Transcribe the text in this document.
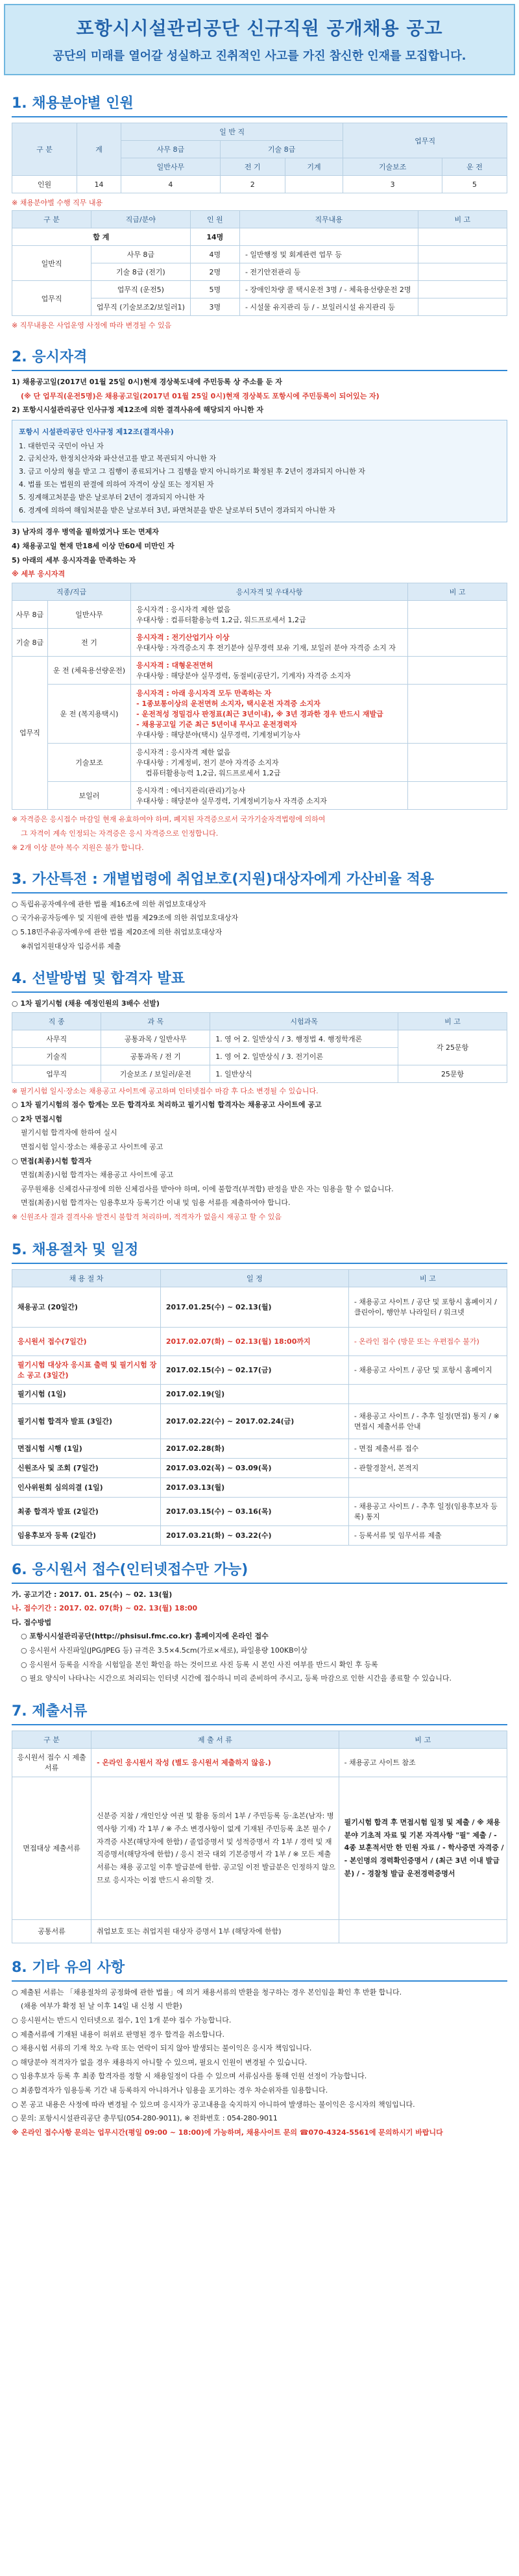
포항시시설관리공단 신규직원 공개채용 공고

공단의 미래를 열어갈 성실하고 진취적인 사고를 가진 참신한 인재를 모집합니다.

1. 채용분야별 인원
구 분	계	일 반 직			업무직	
		사무 8급	기술 8급			
		일반사무	전 기	기계	기술보조	운 전
인원	14	4	2		3	5
※ 채용분야별 수행 직무 내용
구 분	직급/분야	인 원	직무내용	비 고
합 계		14명		
일반직	사무 8급	4명	- 일반행정 및 회계관련 업무 등	
	기술 8급 (전기)	2명	- 전기안전관리 등	
업무직	업무직 (운전5)	5명	- 장애인차량 콜 택시운전 3명 / - 체육용선량운전 2명	
	업무직 (기술보조2/보일러1)	3명	- 시설물 유지관리 등 / - 보일러시설 유지관리 등	
※ 직무내용은 사업운영 사정에 따라 변경될 수 있음
2. 응시자격
1) 채용공고일(2017년 01월 25일 0시)현재 경상북도내에 주민등록 상 주소를 둔 자
(※ 단 업무직(운전5명)은 채용공고일(2017년 01월 25일 0시)현재 경상북도 포항시에 주민등록이 되어있는 자)
2) 포항시시설관리공단 인사규정 제12조에 의한 결격사유에 해당되지 아니한 자
포항시 시설관리공단 인사규정 제12조(결격사유)
1. 대한민국 국민이 아닌 자
2. 금치산자, 한정치산자와 파산선고를 받고 복권되지 아니한 자
3. 금고 이상의 형을 받고 그 집행이 종료되거나 그 집행을 받지 아니하기로 확정된 후 2년이 경과되지 아니한 자
4. 법률 또는 법원의 판결에 의하여 자격이 상실 또는 정지된 자
5. 징계해고처분을 받은 날로부터 2년이 경과되지 아니한 자
6. 경계에 의하여 해임처분을 받은 날로부터 3년, 파면처분을 받은 날로부터 5년이 경과되지 아니한 자
3) 남자의 경우 병역을 필하였거나 또는 면제자
4) 채용공고일 현재 만18세 이상 만60세 미만인 자
5) 아래의 세부 응시자격을 만족하는 자
※ 세부 응시자격
직종/직급		응시자격 및 우대사항	비 고
사무 8급	일반사무	응시자격 : 응시자격 제한 없음
우대사항 : 컴퓨터활용능력 1,2급, 워드프로세서 1,2급	

기술 8급	전 기	응시자격 : 전기산업기사 이상
우대사항 : 자격증소지 후 전기분야 실무경력 보유 기재, 보일러 분야 자격증 소지 자	

업무직	운 전 (체육용선량운전)	응시자격 : 대형운전면허
우대사항 : 해당분야 실무경력, 동절비(공단기, 기계자) 자격증 소지자	

	운 전 (복지용택시)	응시자격 : 아래 응시자격 모두 만족하는 자
- 1종보통이상의 운전면허 소지자, 택시운전 자격증 소지자
- 운전적성 정밀검사 판정표(최근 3년이내), ※ 3년 경과한 경우 반드시 재발급
- 채용공고일 기준 최근 5년이내 무사고 운전경력자
우대사항 : 해당분야(택시) 실무경력, 기계정비기능사	

	기술보조	응시자격 : 응시자격 제한 없음
우대사항 : 기계정비, 전기 분야 자격증 소지자
컴퓨터활용능력 1,2급, 워드프로세서 1,2급	

	보일러	응시자격 : 에너지관리(관리)기능사
우대사항 : 해당분야 실무경력, 기계정비기능사 자격증 소지자	

※ 자격증은 응시접수 마감일 현재 유효하여야 하며, 폐지된 자격증으로서 국가기술자격법령에 의하여
그 자격이 계속 인정되는 자격증은 응시 자격증으로 인정합니다.
※ 2개 이상 분야 복수 지원은 불가 합니다.
3. 가산특전 : 개별법령에 취업보호(지원)대상자에게 가산비율 적용
○ 독립유공자예우에 관한 법률 제16조에 의한 취업보호대상자
○ 국가유공자등예우 및 지원에 관한 법률 제29조에 의한 취업보호대상자
○ 5.18민주유공자예우에 관한 법률 제20조에 의한 취업보호대상자
※취업지원대상자 입증서류 제출
4. 선발방법 및 합격자 발표
○ 1차 필기시험 (채용 예정인원의 3배수 선발)
직 종	과 목	시험과목	비 고
사무직	공통과목 / 일반사무	1. 영 어 2. 일반상식 / 3. 행정법 4. 행정학개론	각 25문항
기술직	공통과목 / 전 기	1. 영 어 2. 일반상식 / 3. 전기이론	
업무직	기술보조 / 보일러/운전	1. 일반상식	25문항
※ 필기시험 일시·장소는 채용공고 사이트에 공고하며 인터넷접수 마감 후 다소 변경될 수 있습니다.
○ 1차 필기시험의 점수 합계는 모든 합격자로 처리하고 필기시험 합격자는 채용공고 사이트에 공고
○ 2차 면접시험
필기시험 합격자에 한하여 실시
면접시험 일시·장소는 채용공고 사이트에 공고
○ 면접(최종)시험 합격자
면접(최종)시험 합격자는 채용공고 사이트에 공고
공무원채용 신체검사규정에 의한 신체검사를 받아야 하며, 이에 불합격(부적합) 판정을 받은 자는 임용을 할 수 없습니다.
면접(최종)시험 합격자는 임용후보자 등록기간 이내 및 임용 서류를 제출하여야 합니다.
※ 신원조사 결과 결격사유 발견시 불합격 처리하며, 적격자가 없을시 재공고 할 수 있음
5. 채용절차 및 일정
채 용 절 차	일 정	비 고
채용공고 (20일간)	2017.01.25(수) ~ 02.13(월)	- 채용공고 사이트 / 공단 및 포항시 홈페이지 / 클린아이, 행안부 나라일터 / 워크넷
응시원서 접수(7일간)	2017.02.07(화) ~ 02.13(월) 18:00까지	- 온라인 접수 (방문 또는 우편접수 불가)
필기시험 대상자 응시표 출력 및 필기시험 장소 공고 (3일간)	2017.02.15(수) ~ 02.17(금)	- 채용공고 사이트 / 공단 및 포항시 홈페이지
필기시험 (1일)	2017.02.19(일)	
필기시험 합격자 발표 (3일간)	2017.02.22(수) ~ 2017.02.24(금)	- 채용공고 사이트 / - 추후 일정(면접) 통지 / ※면접시 제출서류 안내
면접시험 시행 (1일)	2017.02.28(화)	- 면접 제출서류 접수
신원조사 및 조회 (7일간)	2017.03.02(목) ~ 03.09(목)	- 관할경찰서, 본적지
인사위원회 심의의결 (1일)	2017.03.13(월)	
최종 합격자 발표 (2일간)	2017.03.15(수) ~ 03.16(목)	- 채용공고 사이트 / - 추후 일정(임용후보자 등록) 통지
임용후보자 등록 (2일간)	2017.03.21(화) ~ 03.22(수)	- 등록서류 및 임무서류 제출
6. 응시원서 접수(인터넷접수만 가능)
가. 공고기간 : 2017. 01. 25(수) ~ 02. 13(월)
나. 접수기간 : 2017. 02. 07(화) ~ 02. 13(월) 18:00
다. 접수방법
○ 포항시시설관리공단(http://phsisul.fmc.co.kr) 홈페이지에 온라인 접수
○ 응시원서 사진파일(JPG/JPEG 등) 규격은 3.5×4.5cm(가로×세로), 파일용량 100KB이상
○ 응시원서 등록을 시작을 시험일을 본인 확인을 하는 것이므로 사진 등록 시 본인 사진 여부를 반드시 확인 후 등록
○ 필요 양식이 나타나는 시간으로 처리되는 인터넷 시간에 접수하니 미리 준비하여 주시고, 등록 마감으로 인한 시간을 종료할 수 있습니다.
7. 제출서류
구 분	제 출 서 류	비 고
응시원서 접수 시 제출서류	- 온라인 응시원서 작성 (별도 응시원서 제출하지 않음.)	- 채용공고 사이트 참조
면접대상 제출서류	신분증 지참 / 개인인상 여권 및 활용 동의서 1부 / 주민등록 등·초본(남자: 병역사항 기재) 각 1부 / ※ 주소 변경사항이 없게 기재된 주민등록 초본 필수 / 자격증 사본(해당자에 한함) / 졸업증명서 및 성적증명서 각 1부 / 경력 및 재직증명서(해당자에 한함) / 응시 전국 대외 기본증명서 각 1부 / ※ 모든 제출서류는 채용 공고일 이후 발급분에 한함. 공고일 이전 발급분은 인정하지 않으므로 응시자는 이점 반드시 유의할 것.	필기시험 합격 후 면접시험 일정 및 제출 / ※ 채용분야 기초적 자료 및 기본 자격사항 "필" 제출 / - 4종 보훈적서만 한 민원 자료 / - 학사증면 자격증 / - 본인명의 경력확인증명서 / (최근 3년 이내 발급분) / - 경찰청 발급 운전경력증명서
공통서류	취업보호 또는 취업지원 대상자 증명서 1부 (해당자에 한함)	
8. 기타 유의 사항
○ 제출된 서류는 「채용절차의 공정화에 관한 법률」에 의거 채용서류의 반환을 청구하는 경우 본인임을 확인 후 반환 합니다.
(채용 여부가 확정 된 날 이후 14일 내 신청 시 반환)
○ 응시원서는 반드시 인터넷으로 접수, 1인 1개 분야 접수 가능합니다.
○ 제출서류에 기재된 내용이 허위로 판명된 경우 합격을 취소합니다.
○ 채용시험 서류의 기재 착오 누락 또는 연락이 되지 않아 발생되는 불이익은 응시자 책임입니다.
○ 해당분야 적격자가 없을 경우 채용하지 아니할 수 있으며, 필요시 인원이 변경될 수 있습니다.
○ 임용후보자 등록 후 최종 합격자를 정할 시 채용일정이 다를 수 있으며 서류심사를 통해 인원 선정이 가능합니다.
○ 최종합격자가 임용등록 기간 내 등록하지 아니하거나 임용을 포기하는 경우 차순위자를 임용합니다.
○ 본 공고 내용은 사정에 따라 변경될 수 있으며 응시자가 공고내용을 숙지하지 아니하여 발생하는 불이익은 응시자의 책임입니다.
○ 문의: 포항시시설관리공단 총무팀(054-280-9011), ※ 전화번호 : 054-280-9011
※ 온라인 접수사항 문의는 업무시간(평일 09:00 ~ 18:00)에 가능하며, 채용사이트 문의 ☎070-4324-5561에 문의하시기 바랍니다
